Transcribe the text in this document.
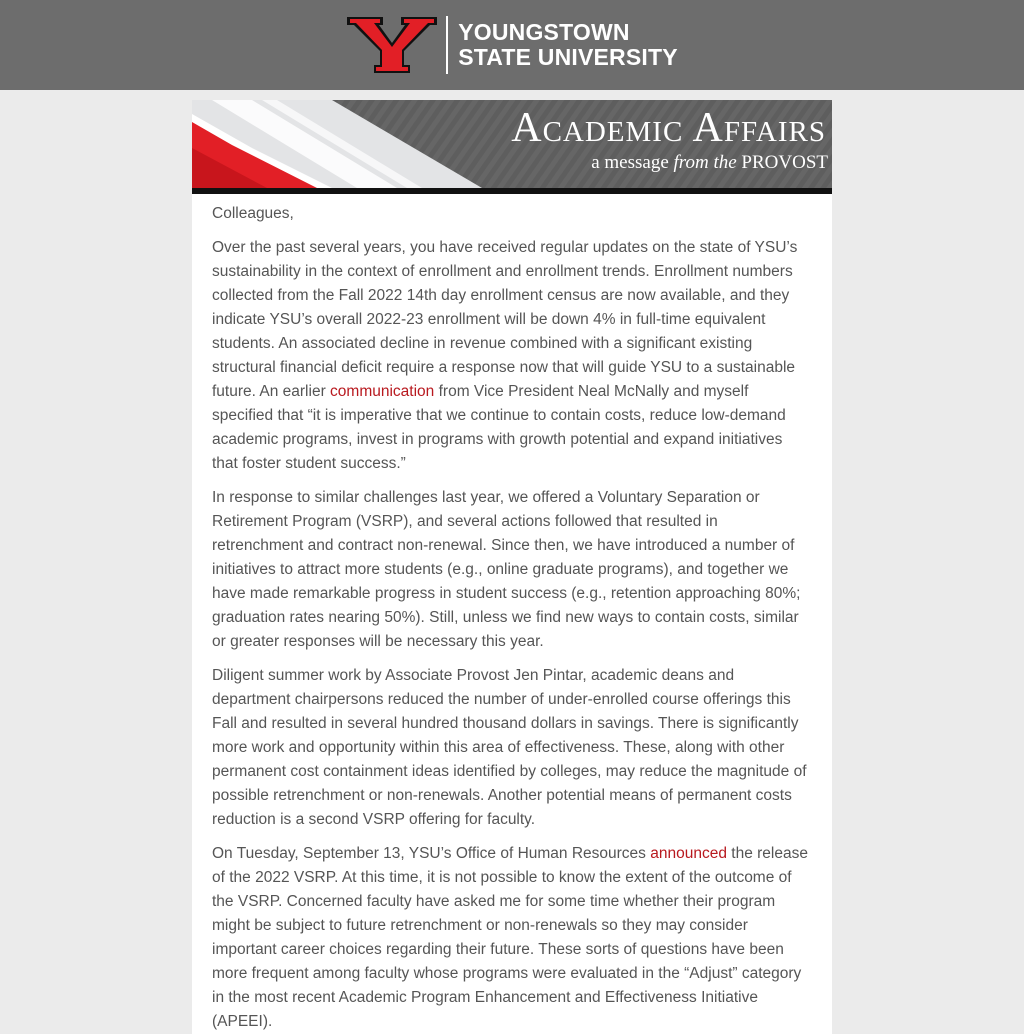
YOUNGSTOWN
STATE UNIVERSITY
Academic Affairs
a message from the PROVOST

Colleagues,

Over the past several years, you have received regular updates on the state of YSU’s sustainability in the context of enrollment and enrollment trends. Enrollment numbers collected from the Fall 2022 14th day enrollment census are now available, and they indicate YSU’s overall 2022-23 enrollment will be down 4% in full-time equivalent students. An associated decline in revenue combined with a significant existing structural financial deficit require a response now that will guide YSU to a sustainable future. An earlier communication from Vice President Neal McNally and myself specified that “it is imperative that we continue to contain costs, reduce low-demand academic programs, invest in programs with growth potential and expand initiatives that foster student success.”

In response to similar challenges last year, we offered a Voluntary Separation or Retirement Program (VSRP), and several actions followed that resulted in retrenchment and contract non-renewal. Since then, we have introduced a number of initiatives to attract more students (e.g., online graduate programs), and together we have made remarkable progress in student success (e.g., retention approaching 80%; graduation rates nearing 50%). Still, unless we find new ways to contain costs, similar or greater responses will be necessary this year.

Diligent summer work by Associate Provost Jen Pintar, academic deans and department chairpersons reduced the number of under-enrolled course offerings this Fall and resulted in several hundred thousand dollars in savings. There is significantly more work and opportunity within this area of effectiveness. These, along with other permanent cost containment ideas identified by colleges, may reduce the magnitude of possible retrenchment or non-renewals. Another potential means of permanent costs reduction is a second VSRP offering for faculty.

On Tuesday, September 13, YSU’s Office of Human Resources announced the release of the 2022 VSRP. At this time, it is not possible to know the extent of the outcome of the VSRP. Concerned faculty have asked me for some time whether their program might be subject to future retrenchment or non-renewals so they may consider important career choices regarding their future. These sorts of questions have been more frequent among faculty whose programs were evaluated in the “Adjust” category in the most recent Academic Program Enhancement and Effectiveness Initiative (APEEI).
